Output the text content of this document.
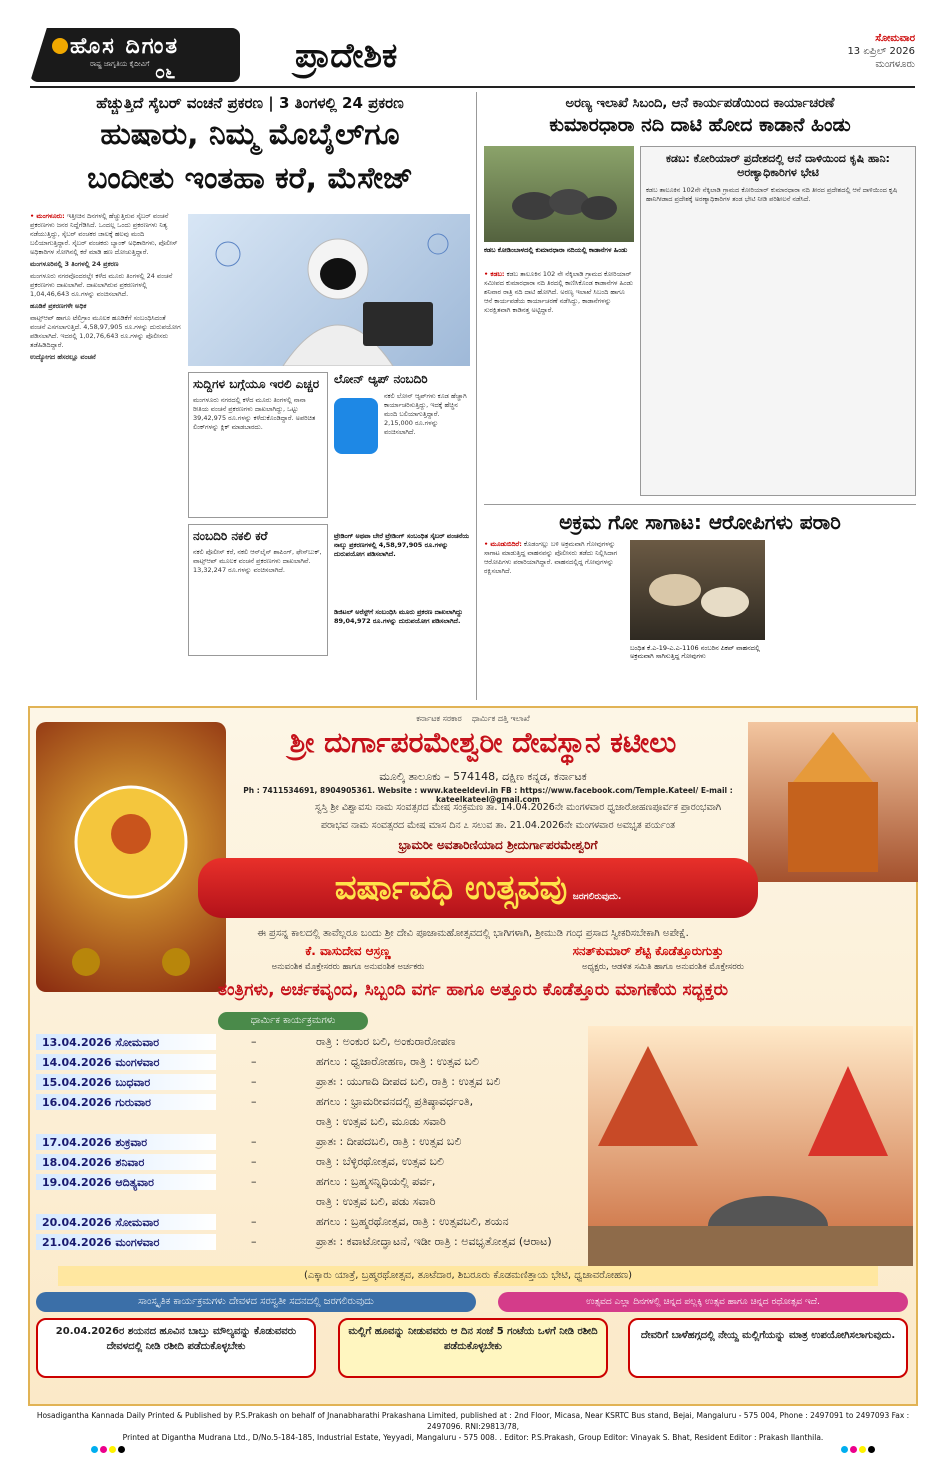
ಹೊಸ ದಿಗಂತ
ರಾಷ್ಟ್ರ ಜಾಗೃತಿಯ ಕೈದೀವಿಗೆ ೦೬	ಪ್ರಾದೇಶಿಕ	ಸೋಮವಾರ
13 ಏಪ್ರಿಲ್ 2026
ಮಂಗಳೂರು
ಹೆಚ್ಚುತ್ತಿದೆ ಸೈಬರ್ ವಂಚನೆ ಪ್ರಕರಣ | 3 ತಿಂಗಳಲ್ಲಿ 24 ಪ್ರಕರಣ
ಹುಷಾರು, ನಿಮ್ಮ ಮೊಬೈಲ್‌ಗೂ
ಬಂದೀತು ಇಂತಹಾ ಕರೆ, ಮೆಸೇಜ್

• ಮಂಗಳೂರು: ಇತ್ತೀಚಿನ ದಿನಗಳಲ್ಲಿ ಹೆಚ್ಚುತ್ತಿರುವ ಸೈಬರ್ ವಂಚನೆ ಪ್ರಕರಣಗಳು ಜನರ ನಿದ್ದೆಗೆಡಿಸಿದೆ. ಒಂದಲ್ಲ ಒಂದು ಪ್ರಕರಣಗಳು ನಿತ್ಯ ನಡೆಯುತ್ತಿದ್ದು, ಸೈಬರ್ ವಂಚಕರ ಜಾಲಕ್ಕೆ ಹಲವು ಮಂದಿ ಬಲಿಯಾಗುತ್ತಿದ್ದಾರೆ. ಸೈಬರ್ ವಂಚಕರು ಬ್ಯಾಂಕ್ ಅಧಿಕಾರಿಗಳು, ಪೊಲೀಸ್ ಅಧಿಕಾರಿಗಳ ಸೋಗಿನಲ್ಲಿ ಕರೆ ಮಾಡಿ ಹಣ ದೋಚುತ್ತಿದ್ದಾರೆ.

ಮಂಗಳೂರಿನಲ್ಲಿ 3 ತಿಂಗಳಲ್ಲಿ 24 ಪ್ರಕರಣ

ಮಂಗಳೂರು ನಗರವೊಂದರಲ್ಲೇ ಕಳೆದ ಮೂರು ತಿಂಗಳಲ್ಲಿ 24 ವಂಚನೆ ಪ್ರಕರಣಗಳು ದಾಖಲಾಗಿವೆ. ದಾಖಲಾಗಿರುವ ಪ್ರಕರಣಗಳಲ್ಲಿ 1,04,46,643 ರೂ.ಗಳನ್ನು ವಂಚಿಸಲಾಗಿದೆ.

ಹೂಡಿಕೆ ಪ್ರಕರಣಗಳೇ ಅಧಿಕ

ವಾಟ್ಸ್ಆಪ್ ಹಾಗೂ ಟೆಲಿಗ್ರಾಂ ಮೂಲಕ ಹೂಡಿಕೆಗೆ ಸಂಬಂಧಿಸಿದಂತೆ ವಂಚನೆ ಎಸಗಲಾಗುತ್ತಿದೆ. 4,58,97,905 ರೂ.ಗಳನ್ನು ದುರುಪಯೋಗ ಪಡಿಸಲಾಗಿದೆ. ಇದರಲ್ಲಿ 1,02,76,643 ರೂ.ಗಳನ್ನು ಪೊಲೀಸರು ತಡೆಹಿಡಿದಿದ್ದಾರೆ.

ಉದ್ಯೋಗದ ಹೆಸರಲ್ಲೂ ವಂಚನೆ

ಸುದ್ದಿಗಳ ಬಗ್ಗೆಯೂ ಇರಲಿ ಎಚ್ಚರ
ಮಂಗಳೂರು ನಗರದಲ್ಲಿ ಕಳೆದ ಮೂರು ತಿಂಗಳಲ್ಲಿ ನಾನಾ ರೀತಿಯ ವಂಚನೆ ಪ್ರಕರಣಗಳು ದಾಖಲಾಗಿದ್ದು, ಒಟ್ಟು 39,42,975 ರೂ.ಗಳನ್ನು ಕಳೆದುಕೊಂಡಿದ್ದಾರೆ. ಅಪರಿಚಿತ ಲಿಂಕ್‌ಗಳನ್ನು ಕ್ಲಿಕ್ ಮಾಡಬಾರದು.
ನಂಬದಿರಿ ನಕಲಿ ಕರೆ
ನಕಲಿ ಪೊಲೀಸ್ ಕರೆ, ನಕಲಿ ಆನ್‌ಲೈನ್ ಶಾಪಿಂಗ್, ಫೇಸ್‌ಬುಕ್, ವಾಟ್ಸ್ಆಪ್ ಮೂಲಕ ವಂಚನೆ ಪ್ರಕರಣಗಳು ದಾಖಲಾಗಿವೆ. 13,32,247 ರೂ.ಗಳನ್ನು ವಂಚಿಸಲಾಗಿದೆ.
ಲೋನ್ ಆ್ಯಪ್ ನಂಬದಿರಿ
ನಕಲಿ ಲೋನ್ ಆ್ಯಪ್‌ಗಳು ಕೂಡ ಹೆಚ್ಚಾಗಿ ಕಾರ್ಯಾಚರಿಸುತ್ತಿದ್ದು, ಇದಕ್ಕೆ ಹೆಚ್ಚಿನ ಮಂದಿ ಬಲಿಯಾಗುತ್ತಿದ್ದಾರೆ. 2,15,000 ರೂ.ಗಳನ್ನು ವಂಚಿಸಲಾಗಿದೆ.
ಟ್ರೇಡಿಂಗ್ ಅಥವಾ ಬೇರೆ ಟ್ರೇಡಿಂಗ್ ಸಂಬಂಧಿತ ಸೈಬರ್ ವಂಚನೆಯ ನಾಲ್ಕು ಪ್ರಕರಣಗಳಲ್ಲಿ 4,58,97,905 ರೂ.ಗಳನ್ನು ದುರುಪಯೋಗ ಪಡಿಸಲಾಗಿದೆ.
ಡಿಜಿಟಲ್ ಅರೆಸ್ಟ್‌ಗೆ ಸಂಬಂಧಿಸಿ ಮೂರು ಪ್ರಕರಣ ದಾಖಲಾಗಿದ್ದು 89,04,972 ರೂ.ಗಳನ್ನು ದುರುಪಯೋಗ ಪಡಿಸಲಾಗಿದೆ.
ಅರಣ್ಯ ಇಲಾಖೆ ಸಿಬಂದಿ, ಆನೆ ಕಾರ್ಯಪಡೆಯಿಂದ ಕಾರ್ಯಾಚರಣೆ
ಕುಮಾರಧಾರಾ ನದಿ ದಾಟಿ ಹೋದ ಕಾಡಾನೆ ಹಿಂಡು
ಕಡಬ ಕೋಡಿಂಬಾಳದಲ್ಲಿ ಕುಮಾರಧಾರಾ ನದಿಯಲ್ಲಿ ಕಾಡಾನೆಗಳ ಹಿಂಡು

• ಕಡಬ: ಕಡಬ ತಾಲೂಕಿನ 102 ನೇ ನೆಕ್ಕಿಲಾಡಿ ಗ್ರಾಮದ ಕೋರಿಯಾರ್ ಸಮೀಪದ ಕುಮಾರಧಾರಾ ನದಿ ತಿರದಲ್ಲಿ ಕಾಣಿಸಿಕೊಂಡ ಕಾಡಾನೆಗಳ ಹಿಂಡು ಶನಿವಾರ ರಾತ್ರಿ ನದಿ ದಾಟಿ ಹೋಗಿದೆ. ಅರಣ್ಯ ಇಲಾಖೆ ಸಿಬಂದಿ ಹಾಗೂ ಆನೆ ಕಾರ್ಯಪಡೆಯ ಕಾರ್ಯಾಚರಣೆ ನಡೆಸಿದ್ದು, ಕಾಡಾನೆಗಳನ್ನು ಸುರಕ್ಷಿತವಾಗಿ ಕಾಡಿನತ್ತ ಅಟ್ಟಿದ್ದಾರೆ.

ಕಡಬ: ಕೋರಿಯಾರ್ ಪ್ರದೇಶದಲ್ಲಿ ಆನೆ ದಾಳಿಯಿಂದ ಕೃಷಿ ಹಾನಿ: ಅರಣ್ಯಾಧಿಕಾರಿಗಳ ಭೇಟಿ
ಕಡಬ ತಾಲೂಕಿನ 102ನೇ ನೆಕ್ಕಿಲಾಡಿ ಗ್ರಾಮದ ಕೋರಿಯಾರ್ ಕುಮಾರಧಾರಾ ನದಿ ತೀರದ ಪ್ರದೇಶದಲ್ಲಿ ಆನೆ ದಾಳಿಯಿಂದ ಕೃಷಿ ಹಾನಿಗೀಡಾದ ಪ್ರದೇಶಕ್ಕೆ ಅರಣ್ಯಾಧಿಕಾರಿಗಳ ತಂಡ ಭೇಟಿ ನೀಡಿ ಪರಿಶೀಲನೆ ನಡೆಸಿದೆ.
ಅಕ್ರಮ ಗೋ ಸಾಗಾಟ: ಆರೋಪಿಗಳು ಪರಾರಿ

• ಮೂಡುಬಿದಿರೆ: ಕೊಡಂಗಲ್ಲು ಬಳಿ ಅಕ್ರಮವಾಗಿ ಗೋವುಗಳನ್ನು ಸಾಗಾಟ ಮಾಡುತ್ತಿದ್ದ ವಾಹನವನ್ನು ಪೊಲೀಸರು ತಡೆದು ನಿಲ್ಲಿಸಿದಾಗ ಆರೋಪಿಗಳು ಪರಾರಿಯಾಗಿದ್ದಾರೆ. ವಾಹನದಲ್ಲಿದ್ದ ಗೋವುಗಳನ್ನು ರಕ್ಷಿಸಲಾಗಿದೆ.

ಬಂಧಿತ ಕೆ.ಎ-19-ಎ.ಎ-1106 ನಂಬರಿನ ಪಿಕಪ್ ವಾಹನದಲ್ಲಿ ಅಕ್ರಮವಾಗಿ ಸಾಗಿಸುತ್ತಿದ್ದ ಗೋವುಗಳು
ಕರ್ನಾಟಕ ಸರಕಾರ ಧಾರ್ಮಿಕ ದತ್ತಿ ಇಲಾಖೆ
ಶ್ರೀ ದುರ್ಗಾಪರಮೇಶ್ವರೀ ದೇವಸ್ಥಾನ ಕಟೀಲು
ಮೂಲ್ಕಿ ತಾಲೂಕು – 574148, ದಕ್ಷಿಣ ಕನ್ನಡ, ಕರ್ನಾಟಕ
Ph : 7411534691, 8904905361. Website : www.kateeldevi.in FB : https://www.facebook.com/Temple.Kateel/ E-mail : kateelkateel@gmail.com
ಸ್ವಸ್ತಿ ಶ್ರೀ ವಿಶ್ವಾವಸು ನಾಮ ಸಂವತ್ಸರದ ಮೇಷ ಸಂಕ್ರಮಣ ತಾ. 14.04.2026ನೇ ಮಂಗಳವಾರ ಧ್ವಜಾರೋಹಣಪೂರ್ವಕ ಪ್ರಾರಂಭವಾಗಿ
ಪರಾಭವ ನಾಮ ಸಂವತ್ಸರದ ಮೇಷ ಮಾಸ ದಿನ ೭ ಸಲುವ ತಾ. 21.04.2026ನೇ ಮಂಗಳವಾರ ಅವಭೃತ ಪರ್ಯಂತ
ಭ್ರಾಮರೀ ಅವತಾರಿಣಿಯಾದ ಶ್ರೀದುರ್ಗಾಪರಮೇಶ್ವರಿಗೆ
ವರ್ಷಾವಧಿ ಉತ್ಸವವು ಜರಗಲಿರುವುದು.
ಈ ಪ್ರಸನ್ನ ಕಾಲದಲ್ಲಿ ತಾವೆಲ್ಲರೂ ಬಂದು ಶ್ರೀ ದೇವಿ ಪೂಜಾಮಹೋತ್ಸವದಲ್ಲಿ ಭಾಗಿಗಳಾಗಿ, ಶ್ರೀಮುಡಿ ಗಂಧ ಪ್ರಸಾದ ಸ್ವೀಕರಿಸಬೇಕಾಗಿ ಅಪೇಕ್ಷೆ.
ಕೆ. ವಾಸುದೇವ ಆಸ್ರಣ್ಣ	ಸನತ್‌ಕುಮಾರ್ ಶೆಟ್ಟಿ ಕೊಡೆತ್ತೂರುಗುತ್ತು
ಅನುವಂಶಿಕ ಮೊಕ್ತೇಸರರು ಹಾಗೂ ಅನುವಂಶಿಕ ಅರ್ಚಕರು	ಅಧ್ಯಕ್ಷರು, ಆಡಳಿತ ಸಮಿತಿ ಹಾಗೂ ಅನುವಂಶಿಕ ಮೊಕ್ತೇಸರರು
ತಂತ್ರಿಗಳು, ಅರ್ಚಕವೃಂದ, ಸಿಬ್ಬಂದಿ ವರ್ಗ ಹಾಗೂ ಅತ್ತೂರು ಕೊಡೆತ್ತೂರು ಮಾಗಣೆಯ ಸದ್ಭಕ್ತರು
ಧಾರ್ಮಿಕ ಕಾರ್ಯಕ್ರಮಗಳು
13.04.2026 ಸೋಮವಾರ	–	ರಾತ್ರಿ : ಅಂಕುರ ಬಲಿ, ಅಂಕುರಾರೋಪಣ
14.04.2026 ಮಂಗಳವಾರ	–	ಹಗಲು : ಧ್ವಜಾರೋಹಣ, ರಾತ್ರಿ : ಉತ್ಸವ ಬಲಿ
15.04.2026 ಬುಧವಾರ	–	ಪ್ರಾತಃ : ಯುಗಾದಿ ದೀಪದ ಬಲಿ, ರಾತ್ರಿ : ಉತ್ಸವ ಬಲಿ
16.04.2026 ಗುರುವಾರ	–	ಹಗಲು : ಭ್ರಾಮರೀವನದಲ್ಲಿ ಪ್ರತಿಷ್ಠಾವರ್ಧಂತಿ,
ರಾತ್ರಿ : ಉತ್ಸವ ಬಲಿ, ಮೂಡು ಸವಾರಿ
17.04.2026 ಶುಕ್ರವಾರ	–	ಪ್ರಾತಃ : ದೀಪದಬಲಿ, ರಾತ್ರಿ : ಉತ್ಸವ ಬಲಿ
18.04.2026 ಶನಿವಾರ	–	ರಾತ್ರಿ : ಬೆಳ್ಳಿರಥೋತ್ಸವ, ಉತ್ಸವ ಬಲಿ
19.04.2026 ಆದಿತ್ಯವಾರ	–	ಹಗಲು : ಬ್ರಹ್ಮಸನ್ನಿಧಿಯಲ್ಲಿ ಪರ್ವ,
ರಾತ್ರಿ : ಉತ್ಸವ ಬಲಿ, ಪಡು ಸವಾರಿ
20.04.2026 ಸೋಮವಾರ	–	ಹಗಲು : ಬ್ರಹ್ಮರಥೋತ್ಸವ, ರಾತ್ರಿ : ಉತ್ಸವಬಲಿ, ಶಯನ
21.04.2026 ಮಂಗಳವಾರ	–	ಪ್ರಾತಃ : ಕವಾಟೋದ್ಘಾಟನೆ, ಇಡೀ ರಾತ್ರಿ : ಅವಭೃತೋತ್ಸವ (ಆರಾಟ)
(ಎಕ್ಕಾರು ಯಾತ್ರೆ, ಬ್ರಹ್ಮರಥೋತ್ಸವ, ತೂಟೆದಾರ, ಶಿಬರೂರು ಕೊಡಮಣಿತ್ತಾಯ ಭೇಟಿ, ಧ್ವಜಾವರೋಹಣ)
ಸಾಂಸ್ಕೃತಿಕ ಕಾರ್ಯಕ್ರಮಗಳು ದೇವಳದ ಸರಸ್ವತೀ ಸದನದಲ್ಲಿ ಜರಗಲಿರುವುದು	ಉತ್ಸವದ ಎಲ್ಲಾ ದಿನಗಳಲ್ಲಿ ಚಿನ್ನದ ಪಲ್ಲಕ್ಕಿ ಉತ್ಸವ ಹಾಗೂ ಚಿನ್ನದ ರಥೋತ್ಸವ ಇದೆ.
20.04.2026ರ ಶಯನದ ಹೂವಿನ ಬಾಬ್ತು ಮೌಲ್ಯವನ್ನು ಕೊಡುವವರು ದೇವಳದಲ್ಲಿ ನೀಡಿ ರಶೀದಿ ಪಡೆದುಕೊಳ್ಳಬೇಕು
ಮಲ್ಲಿಗೆ ಹೂವನ್ನು ನೀಡುವವರು ಆ ದಿನ ಸಂಜೆ 5 ಗಂಟೆಯ ಒಳಗೆ ನೀಡಿ ರಶೀದಿ ಪಡೆದುಕೊಳ್ಳಬೇಕು
ದೇವರಿಗೆ ಬಾಳೆಹಗ್ಗದಲ್ಲಿ ನೇಯ್ದ ಮಲ್ಲಿಗೆಯನ್ನು ಮಾತ್ರ ಉಪಯೋಗಿಸಲಾಗುವುದು.
Hosadigantha Kannada Daily Printed & Published by P.S.Prakash on behalf of Jnanabharathi Prakashana Limited, published at : 2nd Floor, Micasa, Near KSRTC Bus stand, Bejai, Mangaluru - 575 004, Phone : 2497091 to 2497093 Fax : 2497096. RNI:29813/78,
Printed at Digantha Mudrana Ltd., D/No.5-184-185, Industrial Estate, Yeyyadi, Mangaluru - 575 008. . Editor: P.S.Prakash, Group Editor: Vinayak S. Bhat, Resident Editor : Prakash Ilanthila.
